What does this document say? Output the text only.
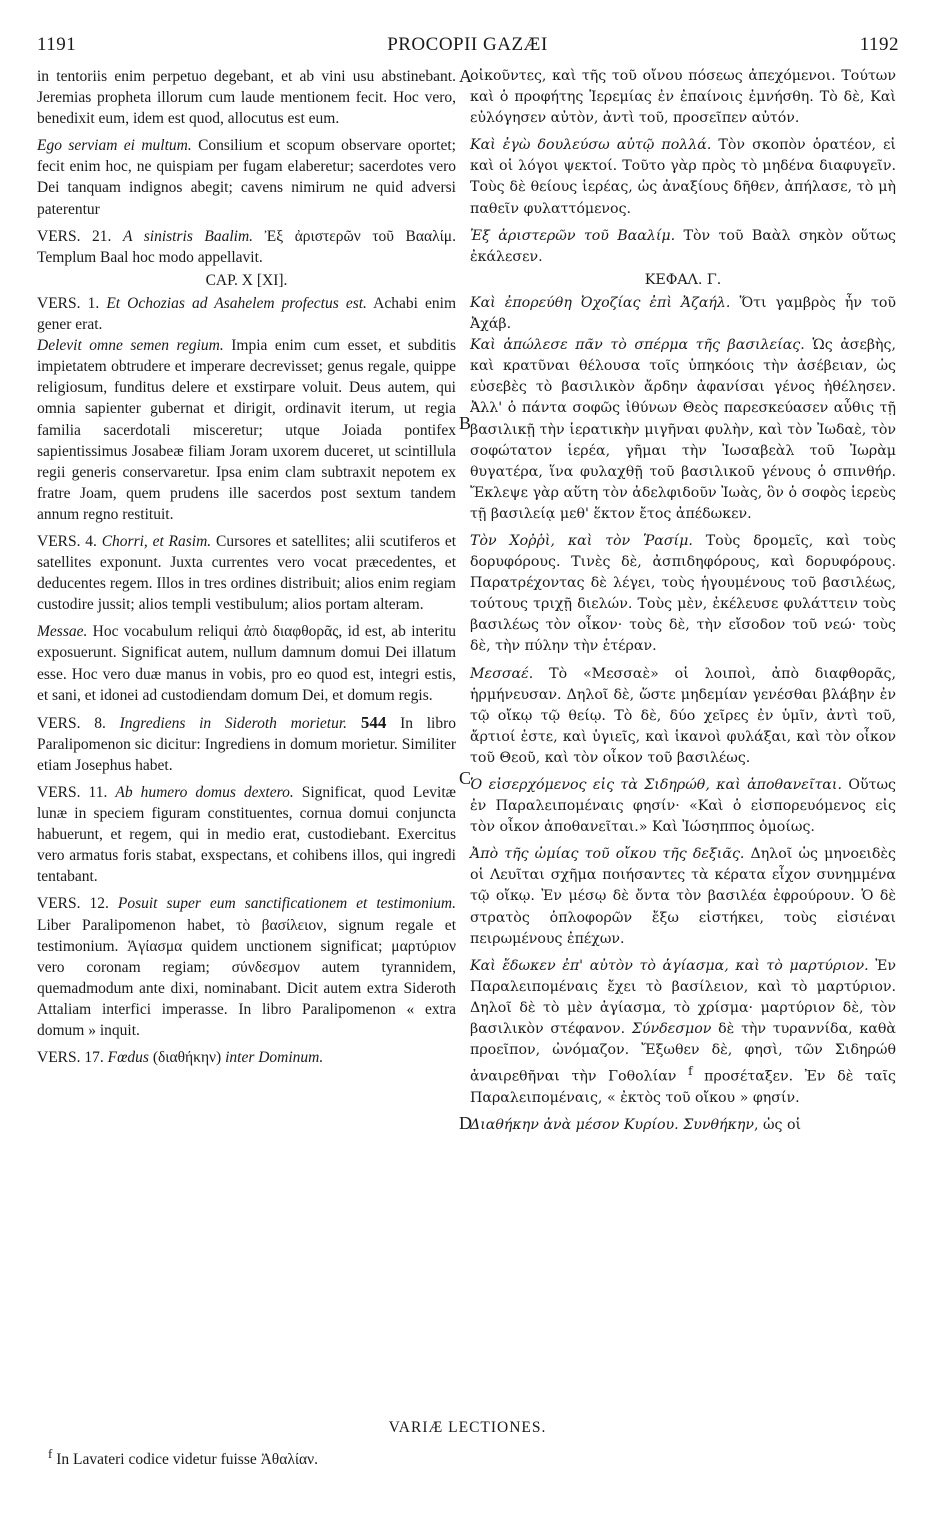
1191	PROCOPII GAZÆI	1192
A
B
C
D

in tentoriis enim perpetuo degebant, et ab vini usu abstinebant. Jeremias propheta illorum cum laude mentionem fecit. Hoc vero, benedixit eum, idem est quod, allocutus est eum.

Ego serviam ei multum. Consilium et scopum observare oportet; fecit enim hoc, ne quispiam per fugam elaberetur; sacerdotes vero Dei tanquam indignos abegit; cavens nimirum ne quid adversi paterentur

VERS. 21. A sinistris Baalim. Ἐξ ἀριστερῶν τοῦ Βααλίμ. Templum Baal hoc modo appellavit.

CAP. X [XI].

VERS. 1. Et Ochozias ad Asahelem profectus est. Achabi enim gener erat.

Delevit omne semen regium. Impia enim cum esset, et subditis impietatem obtrudere et imperare decrevisset; genus regale, quippe religiosum, funditus delere et exstirpare voluit. Deus autem, qui omnia sapienter gubernat et dirigit, ordinavit iterum, ut regia familia sacerdotali misceretur; utque Joiada pontifex sapientissimus Josabeæ filiam Joram uxorem duceret, ut scintillula regii generis conservaretur. Ipsa enim clam subtraxit nepotem ex fratre Joam, quem prudens ille sacerdos post sextum tandem annum regno restituit.

VERS. 4. Chorri, et Rasim. Cursores et satellites; alii scutiferos et satellites exponunt. Juxta currentes vero vocat præcedentes, et deducentes regem. Illos in tres ordines distribuit; alios enim regiam custodire jussit; alios templi vestibulum; alios portam alteram.

Messae. Hoc vocabulum reliqui ἀπὸ διαφθορᾶς, id est, ab interitu exposuerunt. Significat autem, nullum damnum domui Dei illatum esse. Hoc vero duæ manus in vobis, pro eo quod est, integri estis, et sani, et idonei ad custodiendam domum Dei, et domum regis.

VERS. 8. Ingrediens in Sideroth morietur. 544 In libro Paralipomenon sic dicitur: Ingrediens in domum morietur. Similiter etiam Josephus habet.

VERS. 11. Ab humero domus dextero. Significat, quod Levitæ lunæ in speciem figuram constituentes, cornua domui conjuncta habuerunt, et regem, qui in medio erat, custodiebant. Exercitus vero armatus foris stabat, exspectans, et cohibens illos, qui ingredi tentabant.

VERS. 12. Posuit super eum sanctificationem et testimonium. Liber Paralipomenon habet, τὸ βασίλειον, signum regale et testimonium. Ἁγίασμα quidem unctionem significat; μαρτύριον vero coronam regiam; σύνδεσμον autem tyrannidem, quemadmodum ante dixi, nominabant. Dicit autem extra Sideroth Attaliam interfici imperasse. In libro Paralipomenon « extra domum » inquit.

VERS. 17. Fœdus (διαθήκην) inter Dominum.

οἰκοῦντες, καὶ τῆς τοῦ οἴνου πόσεως ἀπεχόμενοι. Τούτων καὶ ὁ προφήτης Ἱερεμίας ἐν ἐπαίνοις ἐμνήσθη. Τὸ δὲ, Καὶ εὐλόγησεν αὐτὸν, ἀντὶ τοῦ, προσεῖπεν αὐτόν.

Καὶ ἐγὼ δουλεύσω αὐτῷ πολλά. Τὸν σκοπὸν ὁρατέον, εἰ καὶ οἱ λόγοι ψεκτοί. Τοῦτο γὰρ πρὸς τὸ μηδένα διαφυγεῖν. Τοὺς δὲ θείους ἱερέας, ὡς ἀναξίους δῆθεν, ἀπήλασε, τὸ μὴ παθεῖν φυλαττόμενος.

Ἐξ ἀριστερῶν τοῦ Βααλίμ. Τὸν τοῦ Βαὰλ σηκὸν οὕτως ἐκάλεσεν.

ΚΕΦΑΛ. Γ.

Καὶ ἐπορεύθη Ὀχοζίας ἐπὶ Ἀζαήλ. Ὅτι γαμβρὸς ἦν τοῦ Ἀχάβ.

Καὶ ἀπώλεσε πᾶν τὸ σπέρμα τῆς βασιλείας. Ὡς ἀσεβὴς, καὶ κρατῦναι θέλουσα τοῖς ὑπηκόοις τὴν ἀσέβειαν, ὡς εὐσεβὲς τὸ βασιλικὸν ἄρδην ἀφανίσαι γένος ἠθέλησεν. Ἀλλ' ὁ πάντα σοφῶς ἰθύνων Θεὸς παρεσκεύασεν αὖθις τῇ βασιλικῇ τὴν ἱερατικὴν μιγῆναι φυλὴν, καὶ τὸν Ἰωδαὲ, τὸν σοφώτατον ἱερέα, γῆμαι τὴν Ἰωσαβεὰλ τοῦ Ἰωρὰμ θυγατέρα, ἵνα φυλαχθῇ τοῦ βασιλικοῦ γένους ὁ σπινθήρ. Ἔκλεψε γὰρ αὕτη τὸν ἀδελφιδοῦν Ἰωὰς, ὃν ὁ σοφὸς ἱερεὺς τῇ βασιλείᾳ μεθ' ἕκτον ἔτος ἀπέδωκεν.

Τὸν Χοῤῥὶ, καὶ τὸν Ῥασίμ. Τοὺς δρομεῖς, καὶ τοὺς δορυφόρους. Τινὲς δὲ, ἀσπιδηφόρους, καὶ δορυφόρους. Παρατρέχοντας δὲ λέγει, τοὺς ἡγουμένους τοῦ βασιλέως, τούτους τριχῇ διελών. Τοὺς μὲν, ἐκέλευσε φυλάττειν τοὺς βασιλέως τὸν οἶκον· τοὺς δὲ, τὴν εἴσοδον τοῦ νεώ· τοὺς δὲ, τὴν πύλην τὴν ἑτέραν.

Μεσσαέ. Τὸ «Μεσσαὲ» οἱ λοιποὶ, ἀπὸ διαφθορᾶς, ἡρμήνευσαν. Δηλοῖ δὲ, ὥστε μηδεμίαν γενέσθαι βλάβην ἐν τῷ οἴκῳ τῷ θείῳ. Τὸ δὲ, δύο χεῖρες ἐν ὑμῖν, ἀντὶ τοῦ, ἄρτιοί ἐστε, καὶ ὑγιεῖς, καὶ ἱκανοὶ φυλάξαι, καὶ τὸν οἶκον τοῦ Θεοῦ, καὶ τὸν οἶκον τοῦ βασιλέως.

Ὁ εἰσερχόμενος εἰς τὰ Σιδηρώθ, καὶ ἀποθανεῖται. Οὕτως ἐν Παραλειπομέναις φησίν· «Καὶ ὁ εἰσπορευόμενος εἰς τὸν οἶκον ἀποθανεῖται.» Καὶ Ἰώσηππος ὁμοίως.

Ἀπὸ τῆς ὠμίας τοῦ οἴκου τῆς δεξιᾶς. Δηλοῖ ὡς μηνοειδὲς οἱ Λευῖται σχῆμα ποιήσαντες τὰ κέρατα εἶχον συνημμένα τῷ οἴκῳ. Ἐν μέσῳ δὲ ὄντα τὸν βασιλέα ἐφρούρουν. Ὁ δὲ στρατὸς ὁπλοφορῶν ἔξω εἱστήκει, τοὺς εἰσιέναι πειρωμένους ἐπέχων.

Καὶ ἔδωκεν ἐπ' αὐτὸν τὸ ἁγίασμα, καὶ τὸ μαρτύριον. Ἐν Παραλειπομέναις ἔχει τὸ βασίλειον, καὶ τὸ μαρτύριον. Δηλοῖ δὲ τὸ μὲν ἁγίασμα, τὸ χρίσμα· μαρτύριον δὲ, τὸν βασιλικὸν στέφανον. Σύνδεσμον δὲ τὴν τυραννίδα, καθὰ προεῖπον, ὠνόμαζον. Ἔξωθεν δὲ, φησὶ, τῶν Σιδηρώθ ἀναιρεθῆναι τὴν Γοθολίαν $^f$ προσέταξεν. Ἐν δὲ ταῖς Παραλειπομέναις, « ἐκτὸς τοῦ οἴκου » φησίν.

Διαθήκην ἀνὰ μέσον Κυρίου. Συνθήκην, ὡς οἱ

VARIÆ LECTIONES.
$^f$ In Lavateri codice videtur fuisse Ἀθαλίαν.
